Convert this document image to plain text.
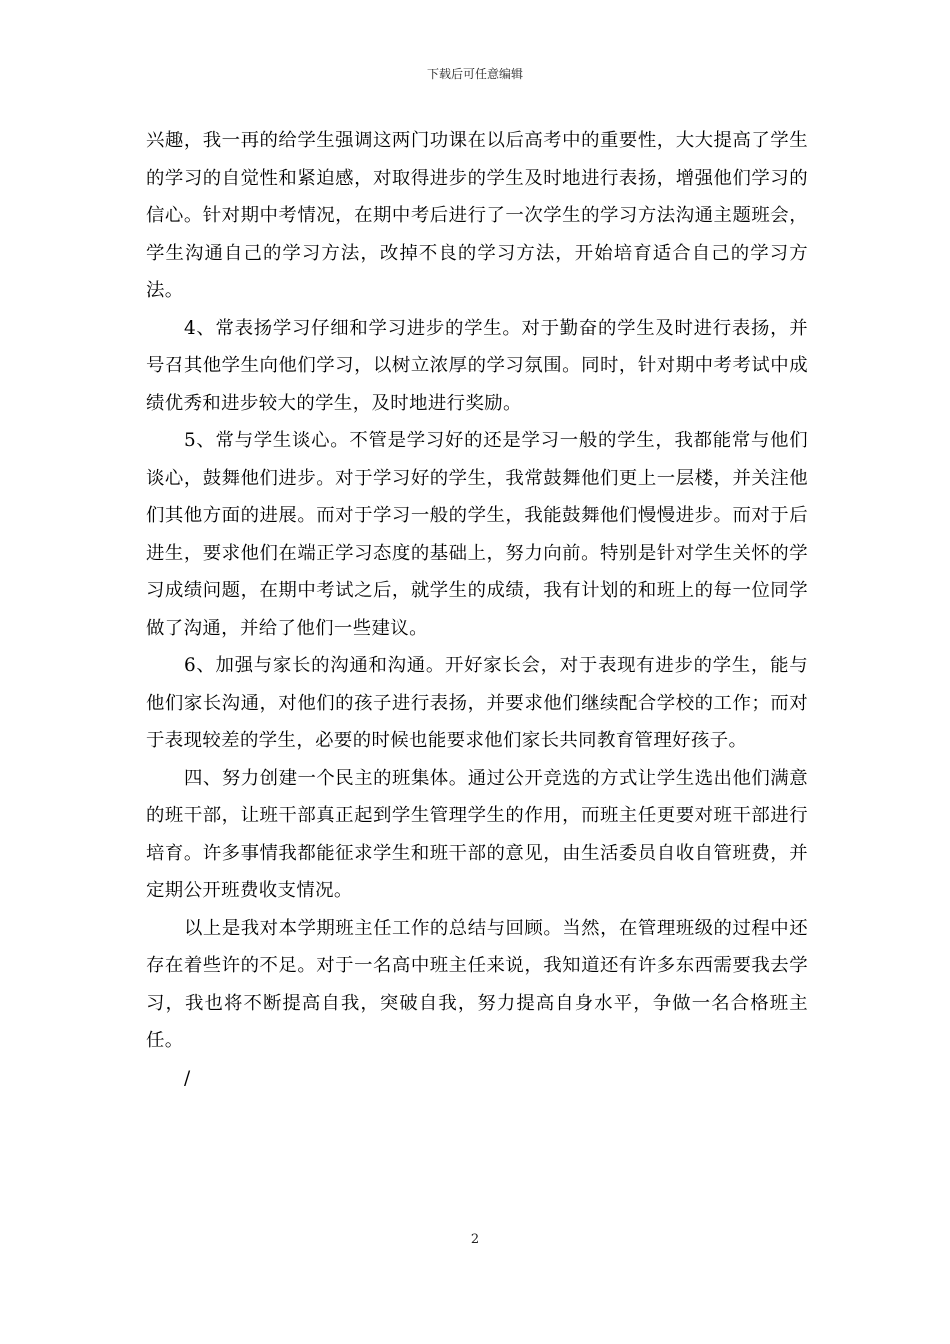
下载后可任意编辑

兴趣，我一再的给学生强调这两门功课在以后高考中的重要性，大大提高了学生的学习的自觉性和紧迫感，对取得进步的学生及时地进行表扬，增强他们学习的信心。针对期中考情况，在期中考后进行了一次学生的学习方法沟通主题班会，学生沟通自己的学习方法，改掉不良的学习方法，开始培育适合自己的学习方法。

4、常表扬学习仔细和学习进步的学生。对于勤奋的学生及时进行表扬，并号召其他学生向他们学习，以树立浓厚的学习氛围。同时，针对期中考考试中成绩优秀和进步较大的学生，及时地进行奖励。

5、常与学生谈心。不管是学习好的还是学习一般的学生，我都能常与他们谈心，鼓舞他们进步。对于学习好的学生，我常鼓舞他们更上一层楼，并关注他们其他方面的进展。而对于学习一般的学生，我能鼓舞他们慢慢进步。而对于后进生，要求他们在端正学习态度的基础上，努力向前。特别是针对学生关怀的学习成绩问题，在期中考试之后，就学生的成绩，我有计划的和班上的每一位同学做了沟通，并给了他们一些建议。

6、加强与家长的沟通和沟通。开好家长会，对于表现有进步的学生，能与他们家长沟通，对他们的孩子进行表扬，并要求他们继续配合学校的工作；而对于表现较差的学生，必要的时候也能要求他们家长共同教育管理好孩子。

四、努力创建一个民主的班集体。通过公开竞选的方式让学生选出他们满意的班干部，让班干部真正起到学生管理学生的作用，而班主任更要对班干部进行培育。许多事情我都能征求学生和班干部的意见，由生活委员自收自管班费，并定期公开班费收支情况。

以上是我对本学期班主任工作的总结与回顾。当然，在管理班级的过程中还存在着些许的不足。对于一名高中班主任来说，我知道还有许多东西需要我去学习，我也将不断提高自我，突破自我，努力提高自身水平，争做一名合格班主任。

/

2
